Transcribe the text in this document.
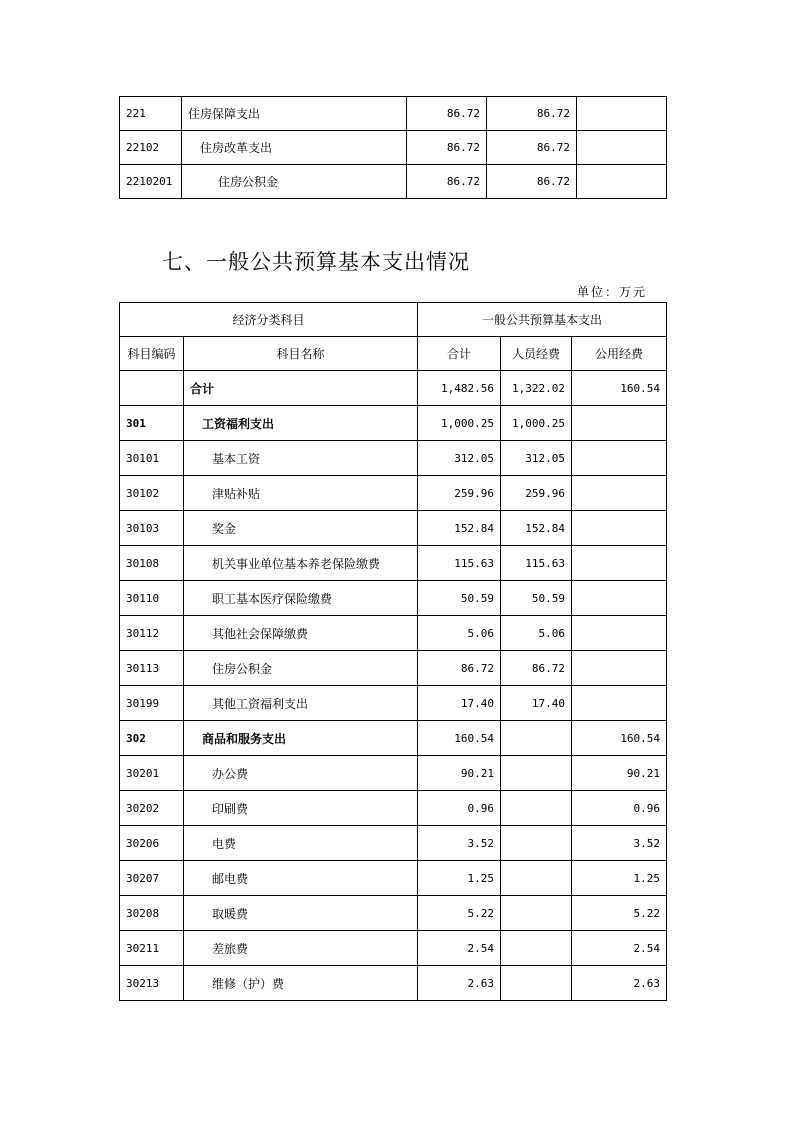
221	住房保障支出	86.72	86.72	
22102	住房改革支出	86.72	86.72	
2210201	住房公积金	86.72	86.72	
七、一般公共预算基本支出情况
单位：万元
经济分类科目		一般公共预算基本支出		
科目编码	科目名称	合计	人员经费	公用经费
	合计	1,482.56	1,322.02	160.54
301	工资福利支出	1,000.25	1,000.25	
30101	基本工资	312.05	312.05	
30102	津贴补贴	259.96	259.96	
30103	奖金	152.84	152.84	
30108	机关事业单位基本养老保险缴费	115.63	115.63	
30110	职工基本医疗保险缴费	50.59	50.59	
30112	其他社会保障缴费	5.06	5.06	
30113	住房公积金	86.72	86.72	
30199	其他工资福利支出	17.40	17.40	
302	商品和服务支出	160.54		160.54
30201	办公费	90.21		90.21
30202	印刷费	0.96		0.96
30206	电费	3.52		3.52
30207	邮电费	1.25		1.25
30208	取暖费	5.22		5.22
30211	差旅费	2.54		2.54
30213	维修（护）费	2.63		2.63
